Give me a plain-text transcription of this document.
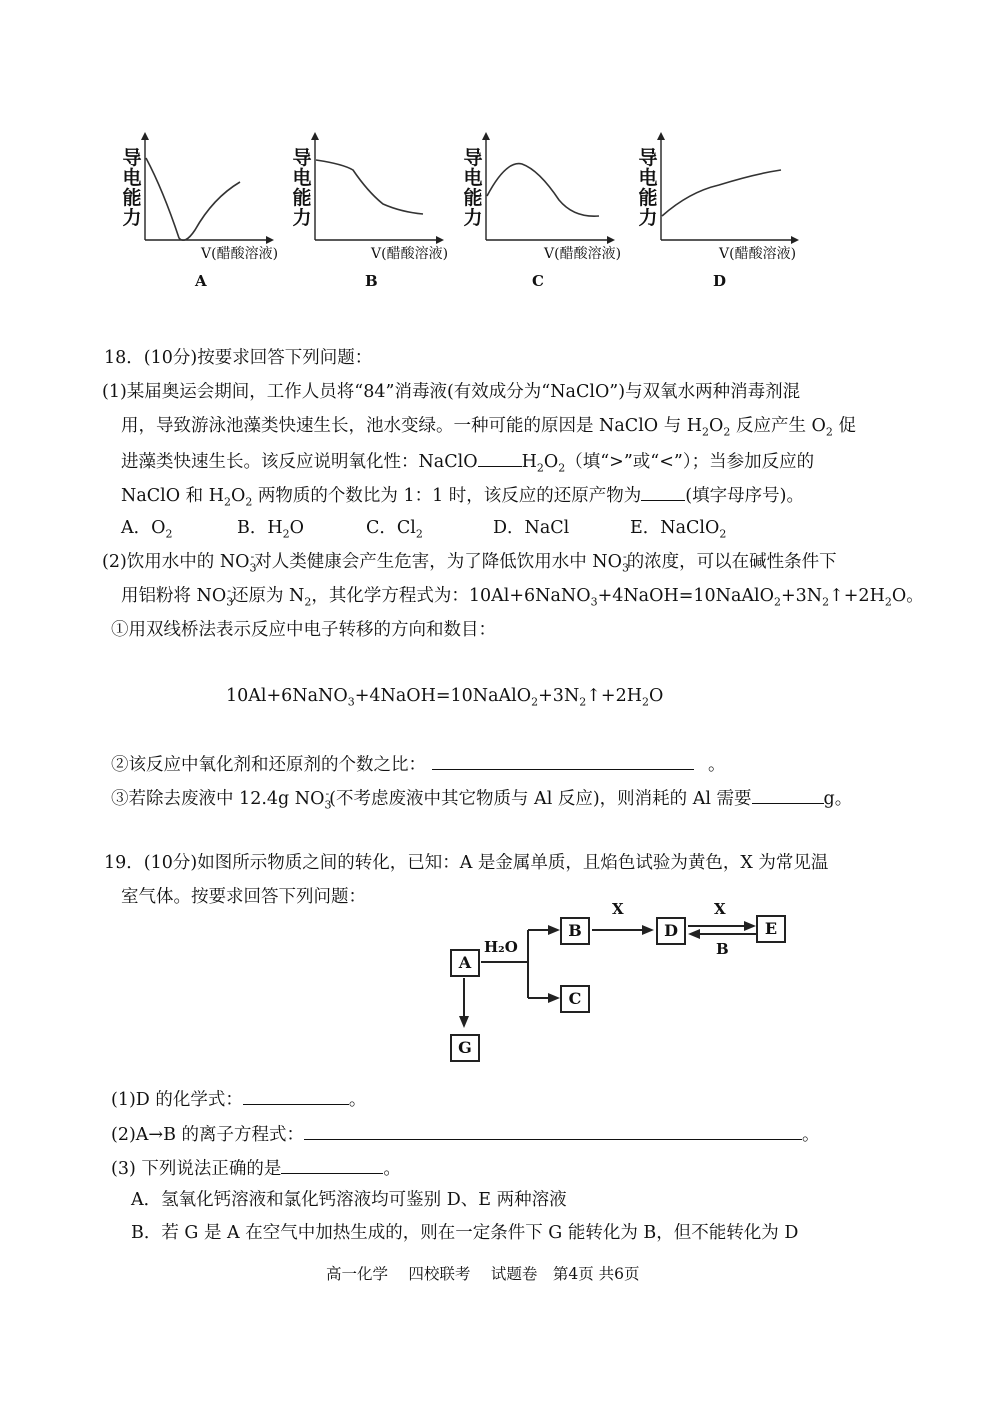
导电能力
V(醋酸溶液)
A
导电能力
V(醋酸溶液)
B
导电能力
V(醋酸溶液)
C
导电能力
V(醋酸溶液)
D
18．(10分)按要求回答下列问题：
(1)某届奥运会期间，工作人员将“84”消毒液(有效成分为“NaClO”)与双氧水两种消毒剂混
用，导致游泳池藻类快速生长，池水变绿。一种可能的原因是 NaClO 与 $H_2O_2$ 反应产生 $O_2$ 促
进藻类快速生长。该反应说明氧化性：NaClO	$H_2O_2$（填“>”或“<”）；当参加反应的
NaClO 和 $H_2O_2$ 两物质的个数比为 1：1 时，该反应的还原产物为	(填字母序号)。
A．$O_2$	B．$H_2O$	C．$Cl_2$	D．NaCl	E．NaClO$_2$
(2)饮用水中的 $NO_3^-$对人类健康会产生危害，为了降低饮用水中 $NO_3^-$的浓度，可以在碱性条件下
用铝粉将 $NO_3^-$还原为 $N_2$，其化学方程式为：$10Al+6NaNO_3+4NaOH=10NaAlO_2+3N_2↑+2H_2O$。
①用双线桥法表示反应中电子转移的方向和数目：
$10Al+6NaNO_3+4NaOH=10NaAlO_2+3N_2↑+2H_2O$
②该反应中氧化剂和还原剂的个数之比：	。
③若除去废液中 12.4g $NO_3^-$(不考虑废液中其它物质与 Al 反应)，则消耗的 Al 需要	g。
19．(10分)如图所示物质之间的转化，已知：A 是金属单质，且焰色试验为黄色，X 为常见温
室气体。按要求回答下列问题：
A
B
C
D	E
G
H₂O
X	X
B
(1)D 的化学式：	。
(2)A→B 的离子方程式：	。
(3) 下列说法正确的是	。
A．氢氧化钙溶液和氯化钙溶液均可鉴别 D、E 两种溶液
B．若 G 是 A 在空气中加热生成的，则在一定条件下 G 能转化为 B，但不能转化为 D
高一化学　 四校联考　 试题卷　第4页 共6页
